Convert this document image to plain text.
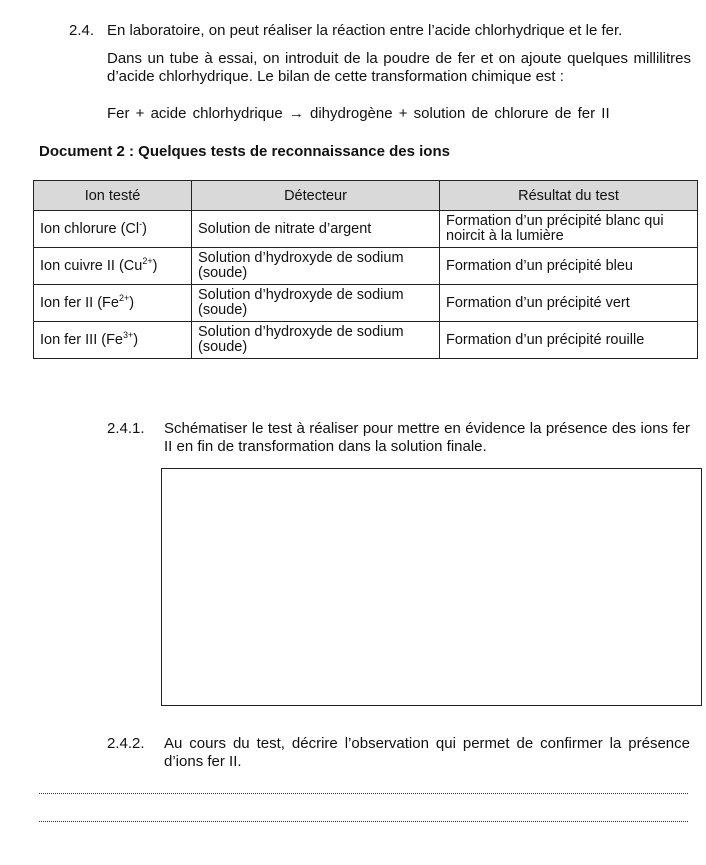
2.4. En laboratoire, on peut réaliser la réaction entre l’acide chlorhydrique et le fer.
Dans un tube à essai, on introduit de la poudre de fer et on ajoute quelques millilitres d’acide chlorhydrique. Le bilan de cette transformation chimique est :
Fer + acide chlorhydrique → dihydrogène + solution de chlorure de fer II
Document 2 : Quelques tests de reconnaissance des ions
Ion testé	Détecteur	Résultat du test
Ion chlorure (Cl-)	Solution de nitrate d’argent	Formation d’un précipité blanc qui noircit à la lumière
Ion cuivre II $(Cu^{2+})$	Solution d’hydroxyde de sodium (soude)	Formation d’un précipité bleu
Ion fer II $(Fe^{2+})$	Solution d’hydroxyde de sodium (soude)	Formation d’un précipité vert
Ion fer III $(Fe^{3+})$	Solution d’hydroxyde de sodium (soude)	Formation d’un précipité rouille
2.4.1. Schématiser le test à réaliser pour mettre en évidence la présence des ions fer II en fin de transformation dans la solution finale.
2.4.2. Au cours du test, décrire l’observation qui permet de confirmer la présence d’ions fer II.
